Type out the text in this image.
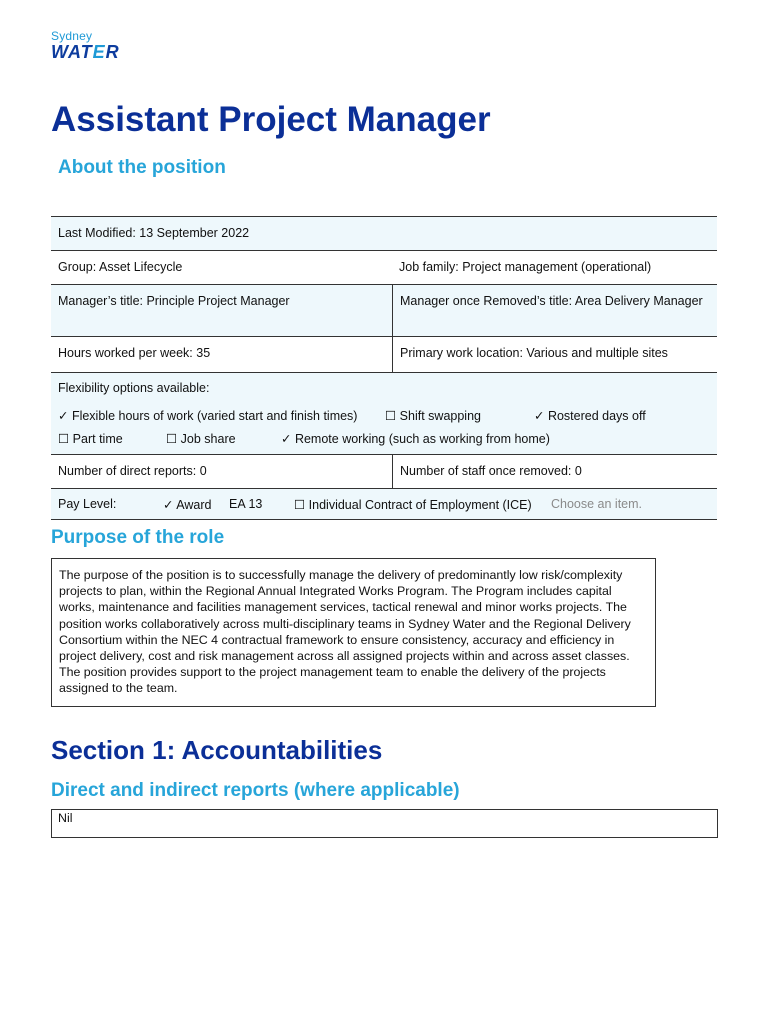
Sydney
WATER
Assistant Project Manager
About the position
Last Modified: 13 September 2022
Group: Asset Lifecycle	Job family: Project management (operational)
Manager’s title: Principle Project Manager	Manager once Removed’s title: Area Delivery Manager
Hours worked per week: 35	Primary work location: Various and multiple sites
Flexibility options available:
✓ Flexible hours of work (varied start and finish times) ☐ Shift swapping	✓ Rostered days off
☐ Part time	☐ Job share	✓ Remote working (such as working from home)
Number of direct reports: 0	Number of staff once removed: 0
Pay Level:	✓ Award EA 13	☐ Individual Contract of Employment (ICE) Choose an item.
Purpose of the role
The purpose of the position is to successfully manage the delivery of predominantly low risk/complexity projects to plan, within the Regional Annual Integrated Works Program. The Program includes capital works, maintenance and facilities management services, tactical renewal and minor works projects. The position works collaboratively across multi-disciplinary teams in Sydney Water and the Regional Delivery Consortium within the NEC 4 contractual framework to ensure consistency, accuracy and efficiency in project delivery, cost and risk management across all assigned projects within and across asset classes. The position provides support to the project management team to enable the delivery of the projects assigned to the team.
Section 1: Accountabilities
Direct and indirect reports (where applicable)
Nil
